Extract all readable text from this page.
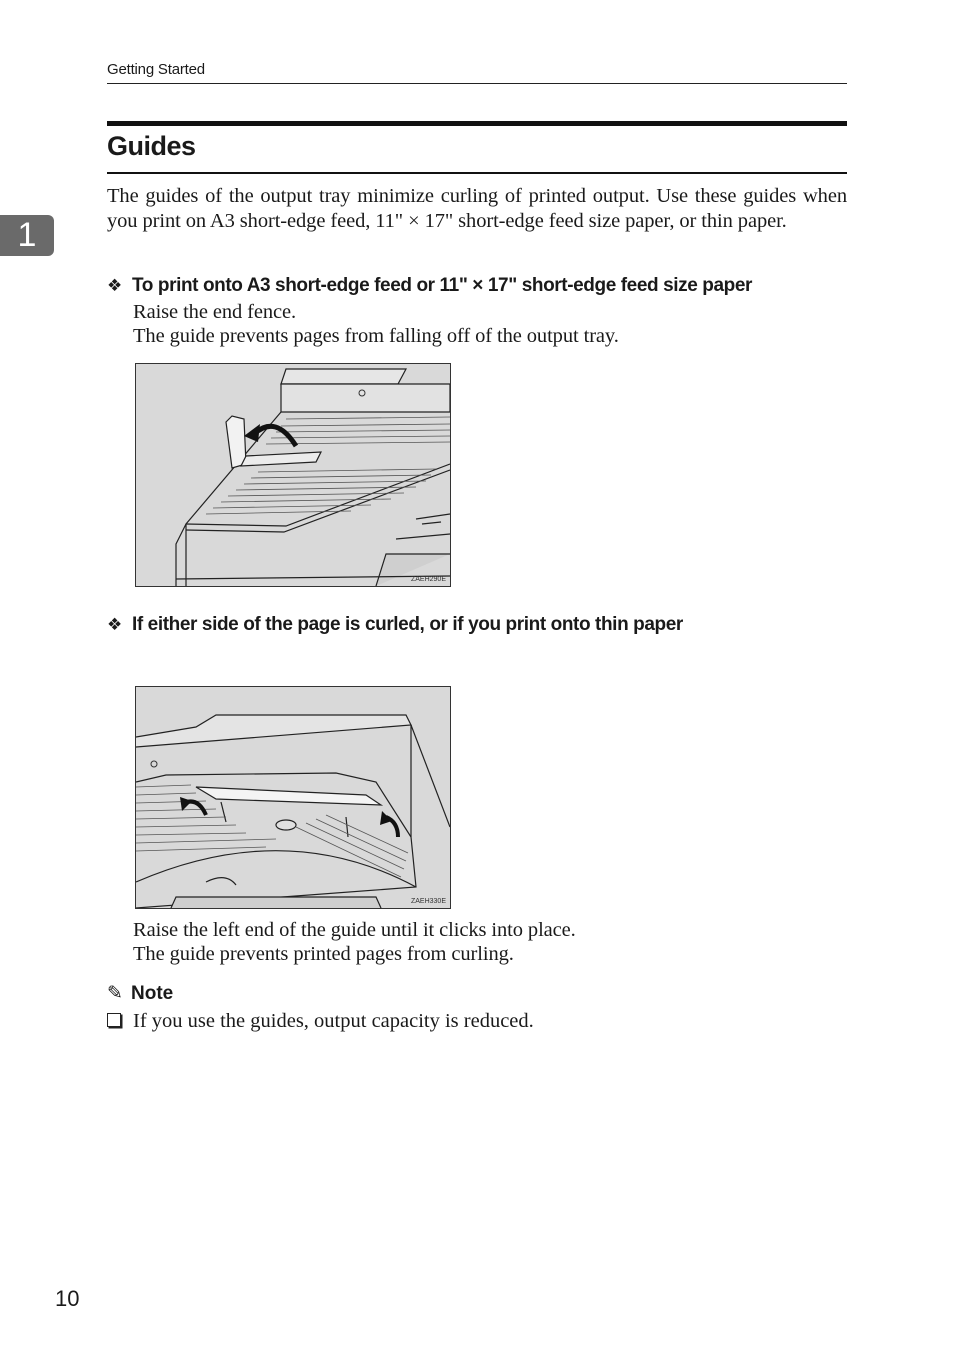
Getting Started
1
Guides

The guides of the output tray minimize curling of printed output. Use these guides when you print on A3 short-edge feed, 11" × 17" short-edge feed size paper, or thin paper.

❖ To print onto A3 short-edge feed or 11" × 17" short-edge feed size paper

Raise the end fence.

The guide prevents pages from falling off of the output tray.

ZAEH290E
❖ If either side of the page is curled, or if you print onto thin paper
ZAEH330E

Raise the left end of the guide until it clicks into place.

The guide prevents printed pages from curling.

✎ Note

If you use the guides, output capacity is reduced.

10
